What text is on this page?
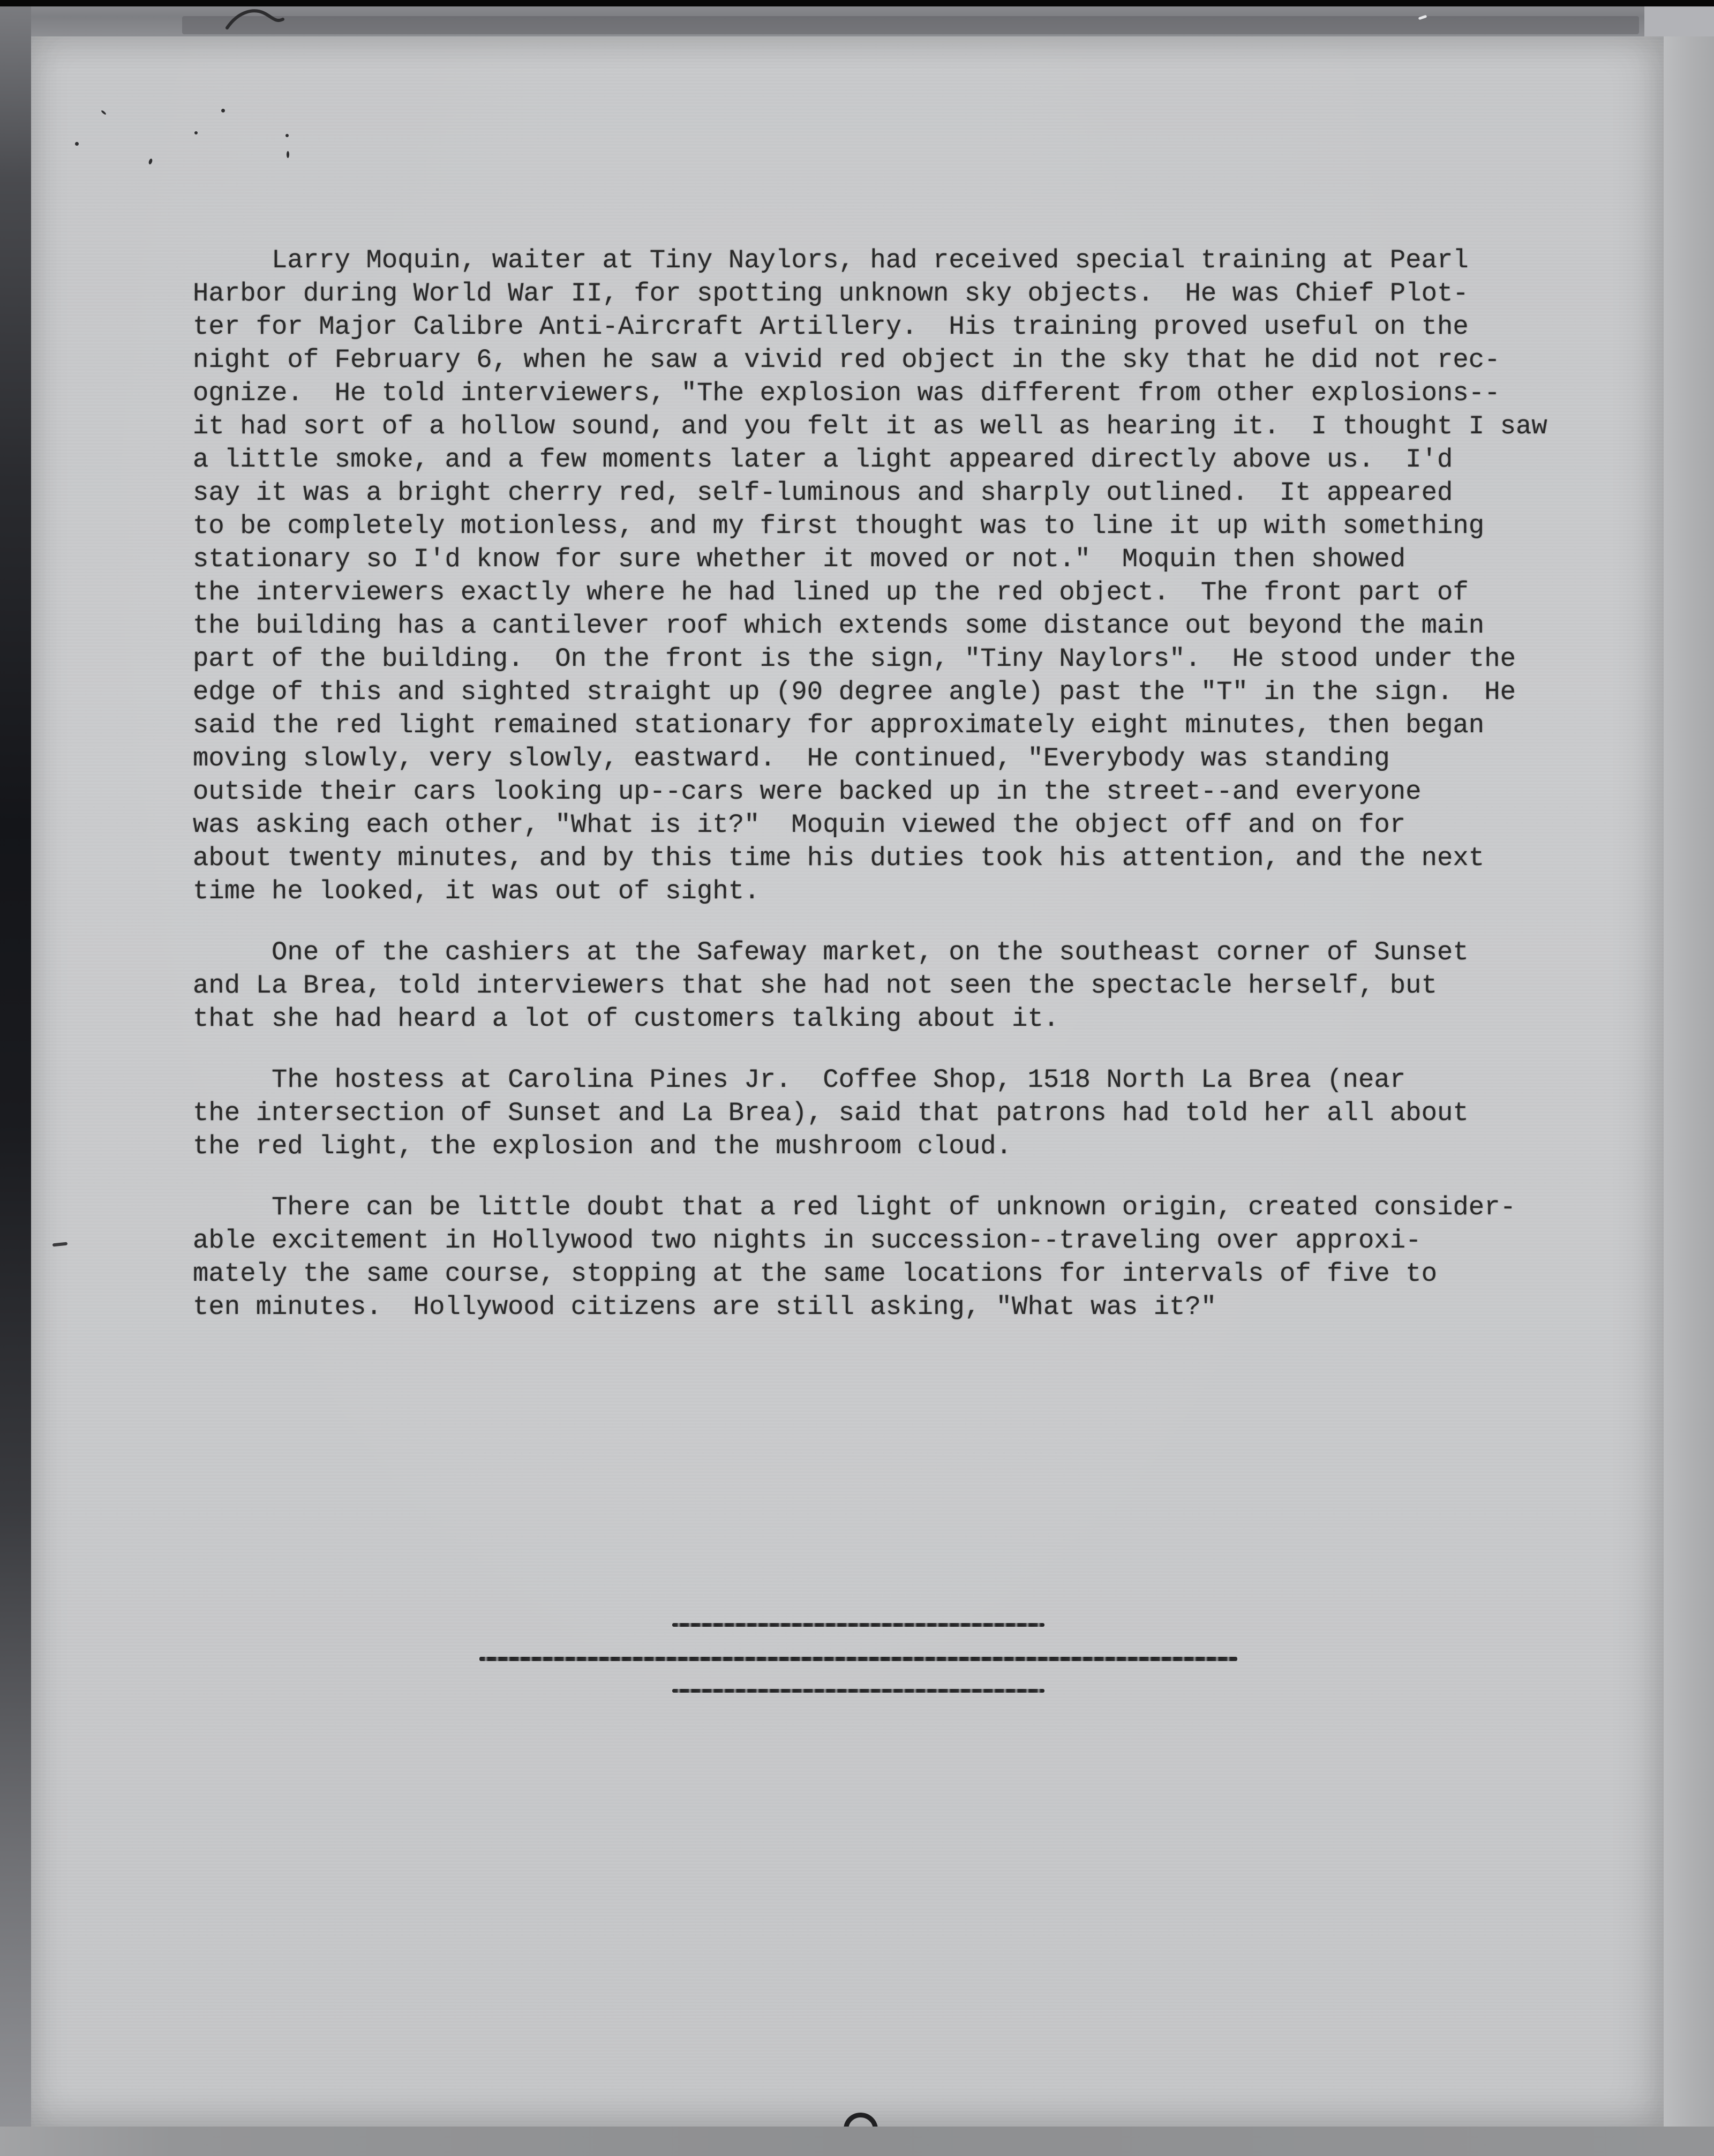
Larry Moquin, waiter at Tiny Naylors, had received special training at Pearl
Harbor during World War II, for spotting unknown sky objects.  He was Chief Plot-
ter for Major Calibre Anti-Aircraft Artillery.  His training proved useful on the
night of February 6, when he saw a vivid red object in the sky that he did not rec-
ognize.  He told interviewers, "The explosion was different from other explosions--
it had sort of a hollow sound, and you felt it as well as hearing it.  I thought I saw
a little smoke, and a few moments later a light appeared directly above us.  I'd
say it was a bright cherry red, self-luminous and sharply outlined.  It appeared
to be completely motionless, and my first thought was to line it up with something
stationary so I'd know for sure whether it moved or not."  Moquin then showed
the interviewers exactly where he had lined up the red object.  The front part of
the building has a cantilever roof which extends some distance out beyond the main
part of the building.  On the front is the sign, "Tiny Naylors".  He stood under the
edge of this and sighted straight up (90 degree angle) past the "T" in the sign.  He
said the red light remained stationary for approximately eight minutes, then began
moving slowly, very slowly, eastward.  He continued, "Everybody was standing
outside their cars looking up--cars were backed up in the street--and everyone
was asking each other, "What is it?"  Moquin viewed the object off and on for
about twenty minutes, and by this time his duties took his attention, and the next
time he looked, it was out of sight.
One of the cashiers at the Safeway market, on the southeast corner of Sunset
and La Brea, told interviewers that she had not seen the spectacle herself, but
that she had heard a lot of customers talking about it.
The hostess at Carolina Pines Jr.  Coffee Shop, 1518 North La Brea (near
the intersection of Sunset and La Brea), said that patrons had told her all about
the red light, the explosion and the mushroom cloud.
There can be little doubt that a red light of unknown origin, created consider-
able excitement in Hollywood two nights in succession--traveling over approxi-
mately the same course, stopping at the same locations for intervals of five to
ten minutes.  Hollywood citizens are still asking, "What was it?"
